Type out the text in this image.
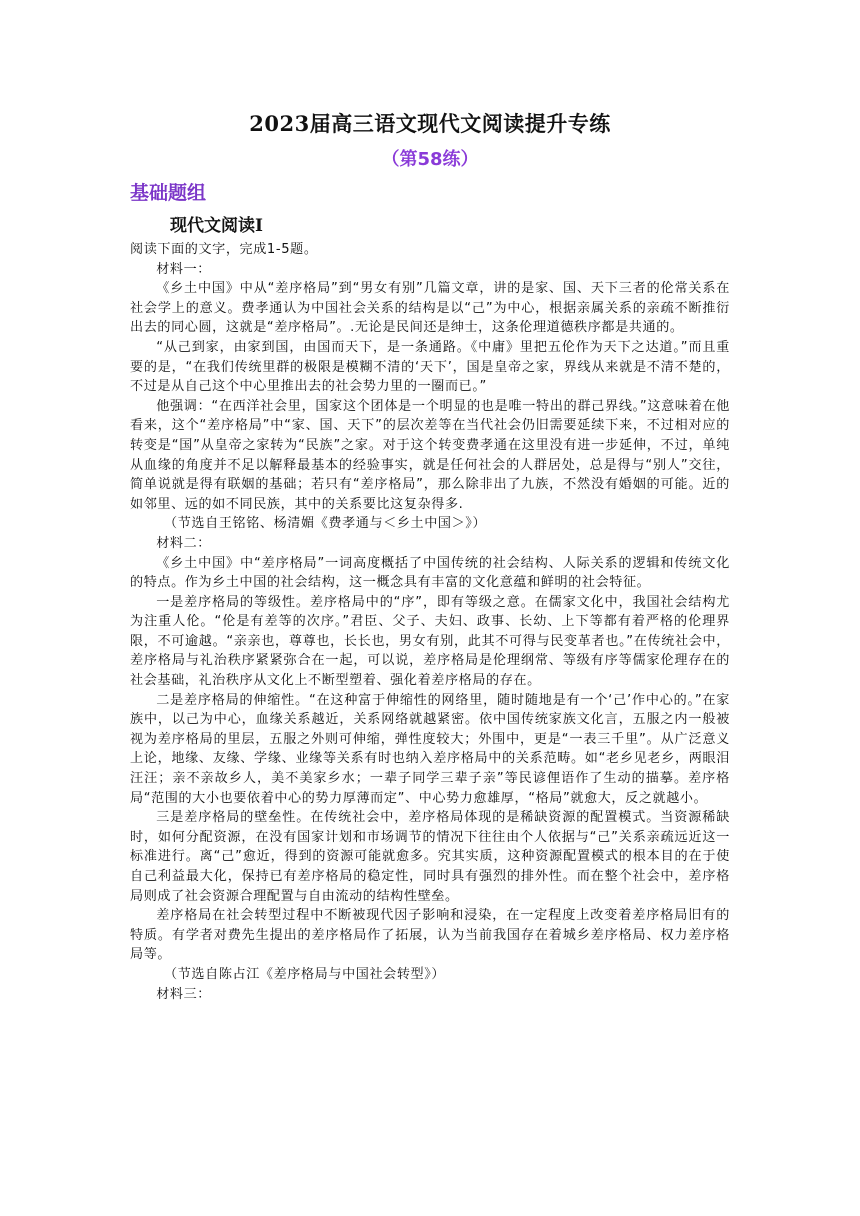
2023届高三语文现代文阅读提升专练
（第58练）
基础题组
现代文阅读Ⅰ

阅读下面的文字，完成1-5题。

材料一：

《乡土中国》中从“差序格局”到“男女有别”几篇文章，讲的是家、国、天下三者的伦常关系在社会学上的意义。费孝通认为中国社会关系的结构是以“己”为中心，根据亲属关系的亲疏不断推衍出去的同心圆，这就是“差序格局”。.无论是民间还是绅士，这条伦理道德秩序都是共通的。

“从己到家，由家到国，由国而天下，是一条通路。《中庸》里把五伦作为天下之达道。”而且重要的是，“在我们传统里群的极限是模糊不清的‘天下’，国是皇帝之家，界线从来就是不清不楚的，不过是从自己这个中心里推出去的社会势力里的一圈而已。”

他强调：“在西洋社会里，国家这个团体是一个明显的也是唯一特出的群己界线。”这意味着在他看来，这个“差序格局”中“家、国、天下”的层次差等在当代社会仍旧需要延续下来，不过相对应的转变是“国”从皇帝之家转为“民族”之家。对于这个转变费孝通在这里没有进一步延伸，不过，单纯从血缘的角度并不足以解释最基本的经验事实，就是任何社会的人群居处，总是得与“别人”交往，简单说就是得有联姻的基础；若只有“差序格局”，那么除非出了九族，不然没有婚姻的可能。近的如邻里、远的如不同民族，其中的关系要比这复杂得多.

（节选自王铭铭、杨清媚《费孝通与＜乡土中国＞》）

材料二：

《乡土中国》中“差序格局”一词高度概括了中国传统的社会结构、人际关系的逻辑和传统文化的特点。作为乡土中国的社会结构，这一概念具有丰富的文化意蕴和鲜明的社会特征。

一是差序格局的等级性。差序格局中的“序”，即有等级之意。在儒家文化中，我国社会结构尤为注重人伦。“伦是有差等的次序。”君臣、父子、夫妇、政事、长幼、上下等都有着严格的伦理界限，不可逾越。“亲亲也，尊尊也，长长也，男女有别，此其不可得与民变革者也。”在传统社会中，差序格局与礼治秩序紧紧弥合在一起，可以说，差序格局是伦理纲常、等级有序等儒家伦理存在的社会基础，礼治秩序从文化上不断型塑着、强化着差序格局的存在。

二是差序格局的伸缩性。“在这种富于伸缩性的网络里，随时随地是有一个‘己’作中心的。”在家族中，以己为中心，血缘关系越近，关系网络就越紧密。依中国传统家族文化言，五服之内一般被视为差序格局的里层，五服之外则可伸缩，弹性度较大；外围中，更是“一表三千里”。从广泛意义上论，地缘、友缘、学缘、业缘等关系有时也纳入差序格局中的关系范畴。如“老乡见老乡，两眼泪汪汪；亲不亲故乡人，美不美家乡水；一辈子同学三辈子亲”等民谚俚语作了生动的描摹。差序格局“范围的大小也要依着中心的势力厚薄而定”、中心势力愈雄厚，“格局”就愈大，反之就越小。

三是差序格局的壁垒性。在传统社会中，差序格局体现的是稀缺资源的配置模式。当资源稀缺时，如何分配资源，在没有国家计划和市场调节的情况下往往由个人依据与“己”关系亲疏远近这一标准进行。离“己”愈近，得到的资源可能就愈多。究其实质，这种资源配置模式的根本目的在于使自己利益最大化，保持已有差序格局的稳定性，同时具有强烈的排外性。而在整个社会中，差序格局则成了社会资源合理配置与自由流动的结构性壁垒。

差序格局在社会转型过程中不断被现代因子影响和浸染，在一定程度上改变着差序格局旧有的特质。有学者对费先生提出的差序格局作了拓展，认为当前我国存在着城乡差序格局、权力差序格局等。

（节选自陈占江《差序格局与中国社会转型》）

材料三：
